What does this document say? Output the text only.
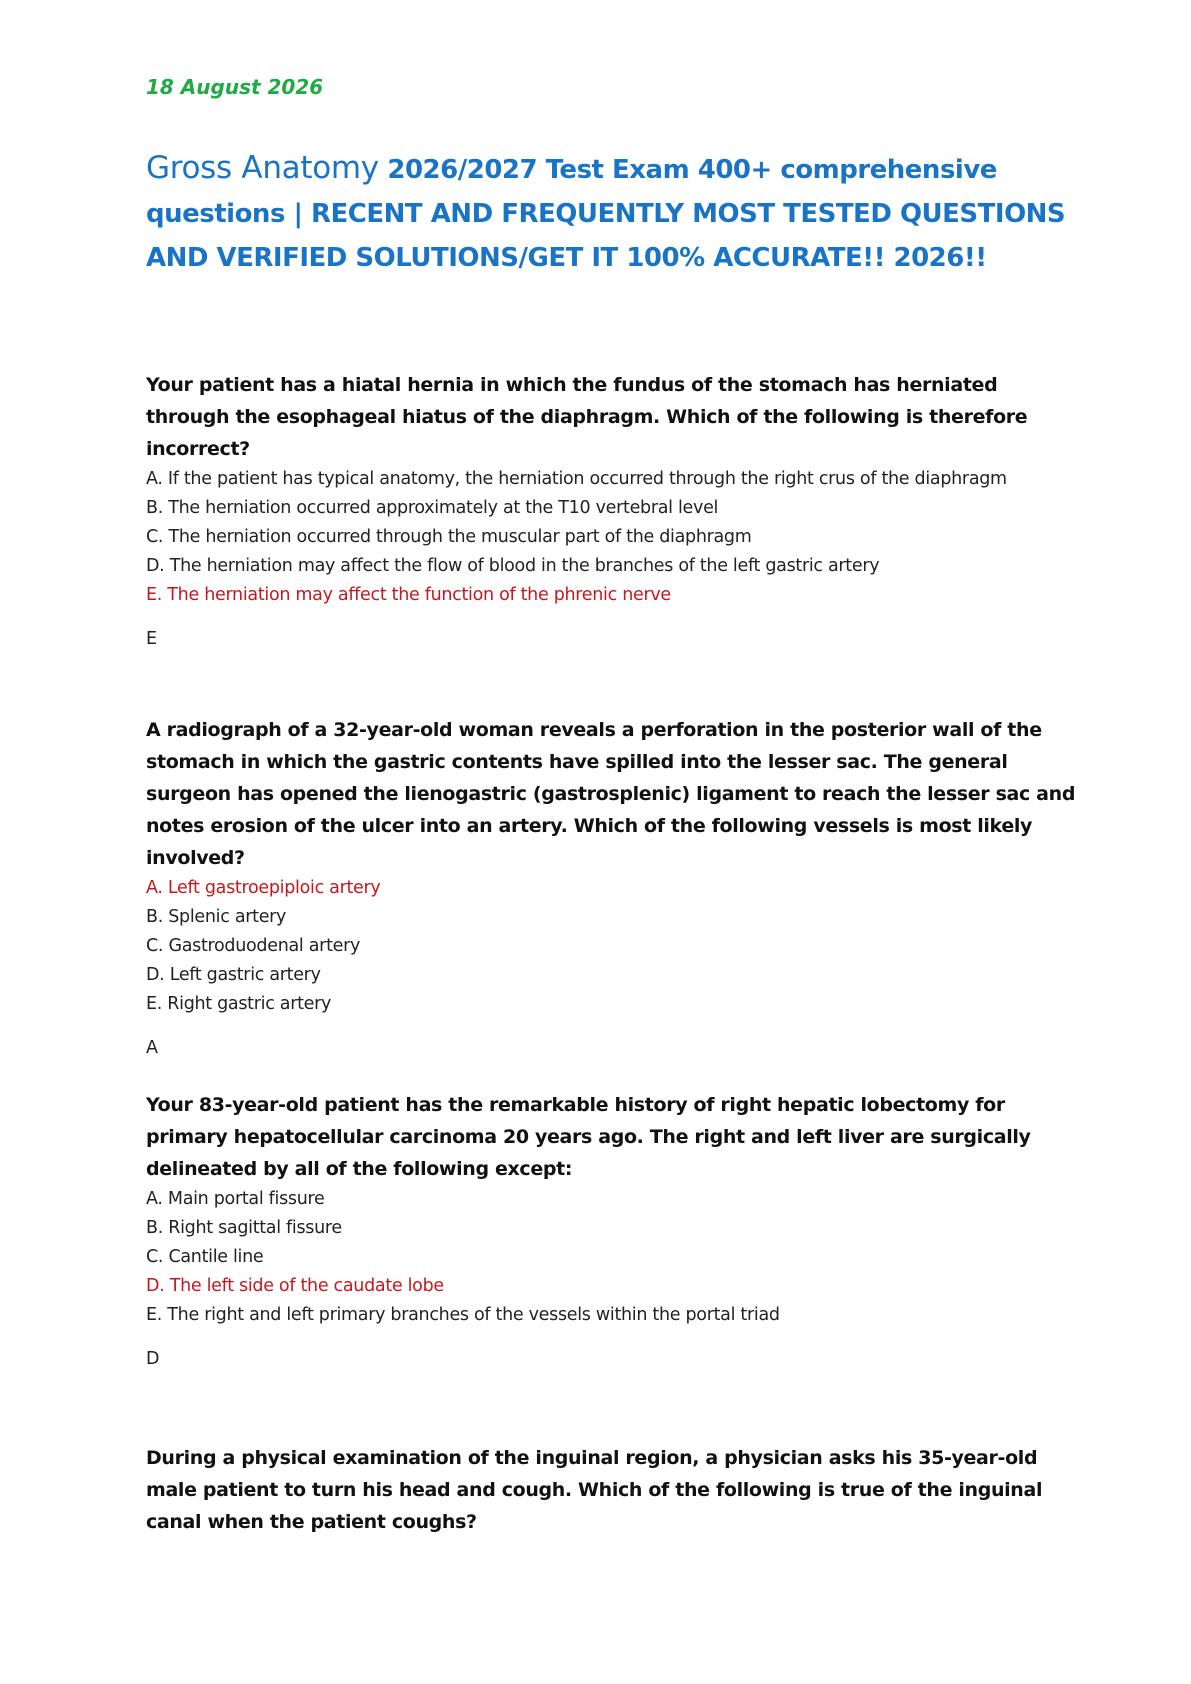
18 August 2026
Gross Anatomy 2026/2027 Test Exam 400+ comprehensive questions | RECENT AND FREQUENTLY MOST TESTED QUESTIONS AND VERIFIED SOLUTIONS/GET IT 100% ACCURATE!! 2026!!
Your patient has a hiatal hernia in which the fundus of the stomach has herniated through the esophageal hiatus of the diaphragm. Which of the following is therefore incorrect?
A. If the patient has typical anatomy, the herniation occurred through the right crus of the diaphragm
B. The herniation occurred approximately at the T10 vertebral level
C. The herniation occurred through the muscular part of the diaphragm
D. The herniation may affect the flow of blood in the branches of the left gastric artery
E. The herniation may affect the function of the phrenic nerve
E
A radiograph of a 32-year-old woman reveals a perforation in the posterior wall of the stomach in which the gastric contents have spilled into the lesser sac. The general surgeon has opened the lienogastric (gastrosplenic) ligament to reach the lesser sac and notes erosion of the ulcer into an artery. Which of the following vessels is most likely involved?
A. Left gastroepiploic artery
B. Splenic artery
C. Gastroduodenal artery
D. Left gastric artery
E. Right gastric artery
A
Your 83-year-old patient has the remarkable history of right hepatic lobectomy for primary hepatocellular carcinoma 20 years ago. The right and left liver are surgically delineated by all of the following except:
A. Main portal fissure
B. Right sagittal fissure
C. Cantile line
D. The left side of the caudate lobe
E. The right and left primary branches of the vessels within the portal triad
D
During a physical examination of the inguinal region, a physician asks his 35-year-old male patient to turn his head and cough. Which of the following is true of the inguinal canal when the patient coughs?
